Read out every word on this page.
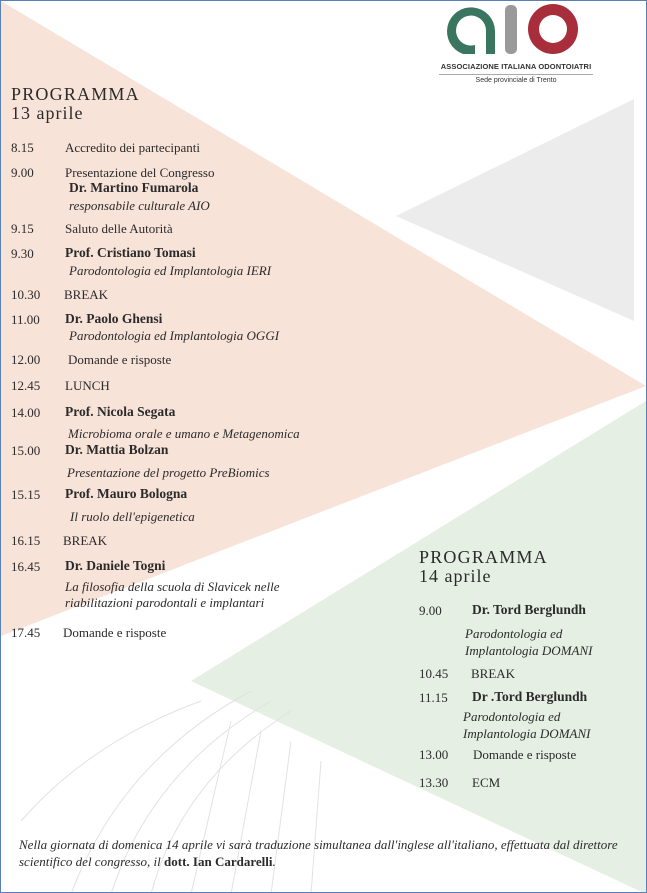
ASSOCIAZIONE ITALIANA ODONTOIATRI
Sede provinciale di Trento
PROGRAMMA
13 aprile
8.15 Accredito dei partecipanti
9.00 Presentazione del Congresso
Dr. Martino Fumarola
responsabile culturale AIO
9.15 Saluto delle Autorità
9.30 Prof. Cristiano Tomasi
Parodontologia ed Implantologia IERI
10.30 BREAK
11.00 Dr. Paolo Ghensi
Parodontologia ed Implantologia OGGI
12.00 Domande e risposte
12.45 LUNCH
14.00 Prof. Nicola Segata
Microbioma orale e umano e Metagenomica
15.00 Dr. Mattia Bolzan
Presentazione del progetto PreBiomics
15.15 Prof. Mauro Bologna
Il ruolo dell'epigenetica
16.15 BREAK
16.45 Dr. Daniele Togni
La filosofia della scuola di Slavicek nelle
riabilitazioni parodontali e implantari
17.45 Domande e risposte
PROGRAMMA
14 aprile
9.00 Dr. Tord Berglundh
Parodontologia ed
Implantologia DOMANI
10.45 BREAK
11.15 Dr .Tord Berglundh
Parodontologia ed
Implantologia DOMANI
13.00 Domande e risposte
13.30 ECM
Nella giornata di domenica 14 aprile vi sarà traduzione simultanea dall'inglese all'italiano, effettuata dal direttore scientifico del congresso, il dott. Ian Cardarelli.
